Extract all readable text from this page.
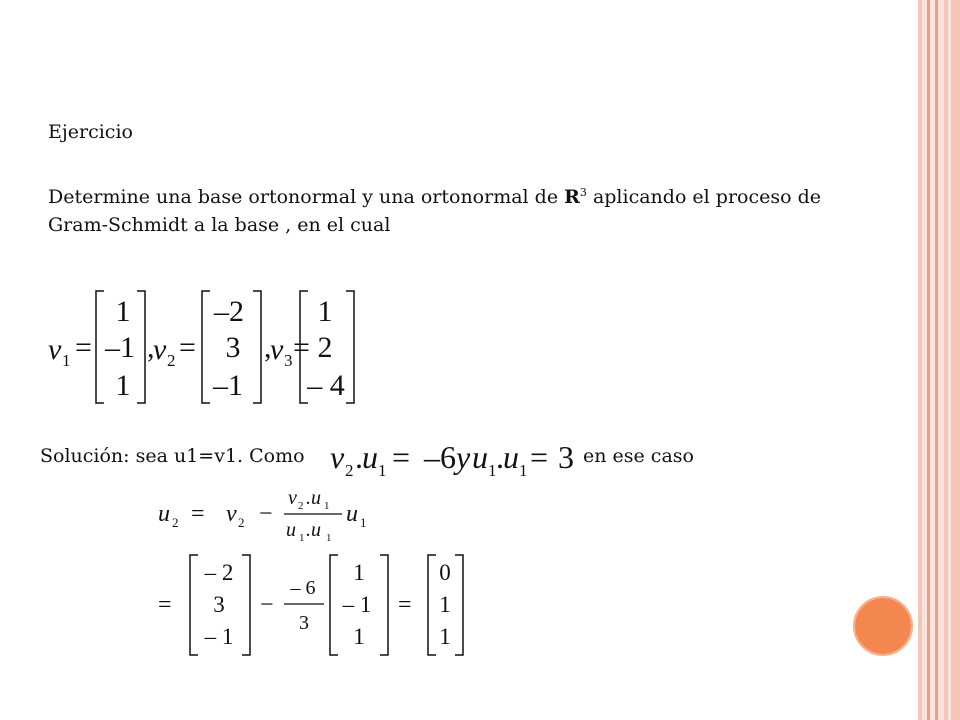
Ejercicio

Determine una base ortonormal y una ortonormal de $R^3$ aplicando el proceso de
Gram-Schmidt a la base , en el cual

v 1 =
1
–1
1
,
v 2 =
–2
3
–1
,
v 3 =
1
2
– 4

Solución: sea u1=v1. Como v 2 . u 1 = –6 y u 1 . u 1 = 3 en ese caso

u 2 = v 2 −
v 2 .u 1
u 1 .u 1
u 1
=
– 2
3
– 1
−
– 6
3
1
– 1
1
=
0
1
1
